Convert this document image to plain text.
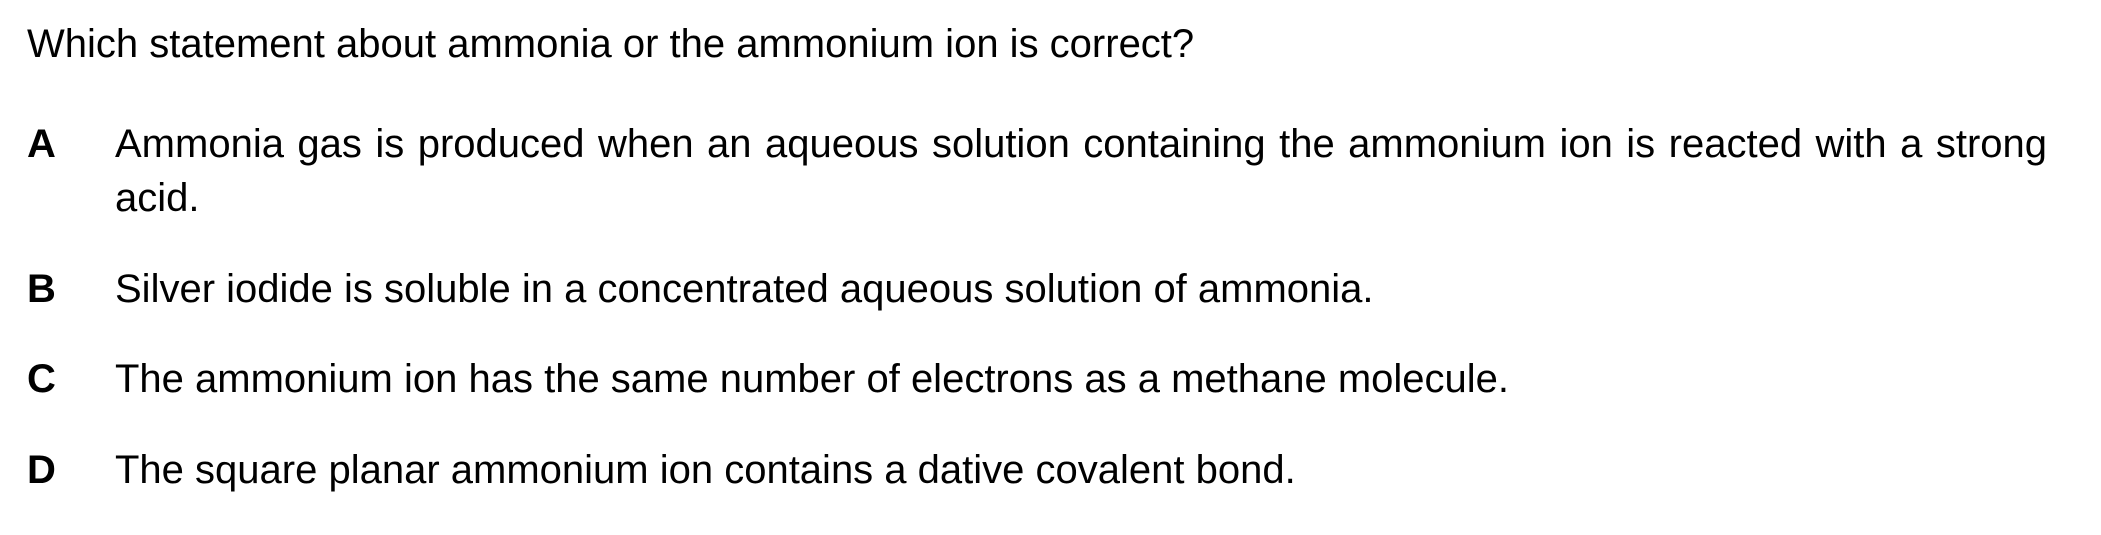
Which statement about ammonia or the ammonium ion is correct?
A	Ammonia gas is produced when an aqueous solution containing the ammonium ion is reacted with a strong acid.
B	Silver iodide is soluble in a concentrated aqueous solution of ammonia.
C	The ammonium ion has the same number of electrons as a methane molecule.
D	The square planar ammonium ion contains a dative covalent bond.
